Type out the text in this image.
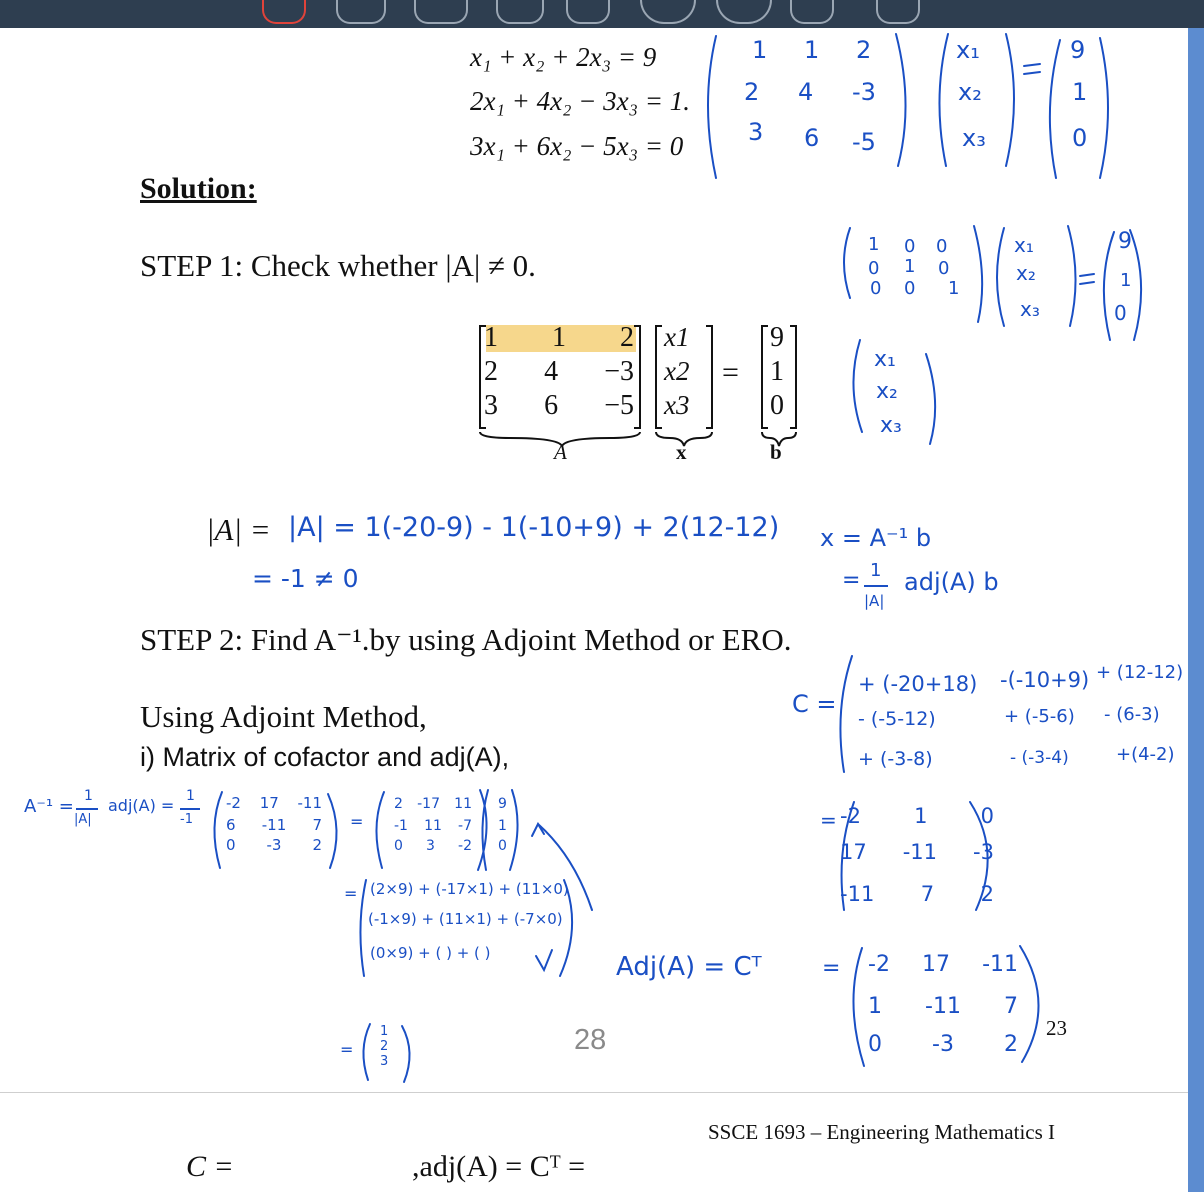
x₁ + x₂ + 2x₃ = 9
2x₁ + 4x₂ − 3x₃ = 1.
3x₁ + 6x₂ − 5x₃ = 0
Solution:
STEP 1: Check whether |A| ≠ 0.
1 1 2
2 4 −3
3 6 −5
x1
x2
x3
=
9
1
0
A	x	b
STEP 2: Find A⁻¹.by using Adjoint Method or ERO.
Using Adjoint Method,
i) Matrix of cofactor and adj(A),
28	23
SSCE 1693 – Engineering Mathematics I
C =	,adj(A) = Cᵀ =
1 1 2
2 4 -3
3 6 -5
x₁
x₂
x₃
9
1
0
1 0 0
0 1 0
0 0 1
x₁
x₂
x₃
9
1
0
x₁
x₂
x₃
|A| = |A| = 1(-20-9) - 1(-10+9) + 2(12-12)
= -1 ≠ 0
x = A⁻¹ b
= 1
|A|
adj(A) b
C =
+ (-20+18) -(-10+9) + (12-12)
- (-5-12)	+ (-5-6) - (6-3)
+ (-3-8)	- (-3-4)	+(4-2)
= -2	1	0
17 -11 -3
-11 7 2
Adj(A) = Cᵀ	= -2 17 -11
1 -11 7
0 -3 2
A⁻¹ = 1
|A|
adj(A) = 1
-1
-2 17 -11
6 -11 7
0 -3 2
=
2 -17 11
-1 11 -7
0 3 -2
9
1
0
= (2×9) + (-17×1) + (11×0)
(-1×9) + (11×1) + (-7×0)
(0×9) + ( ) + ( )
=
1
2
3
